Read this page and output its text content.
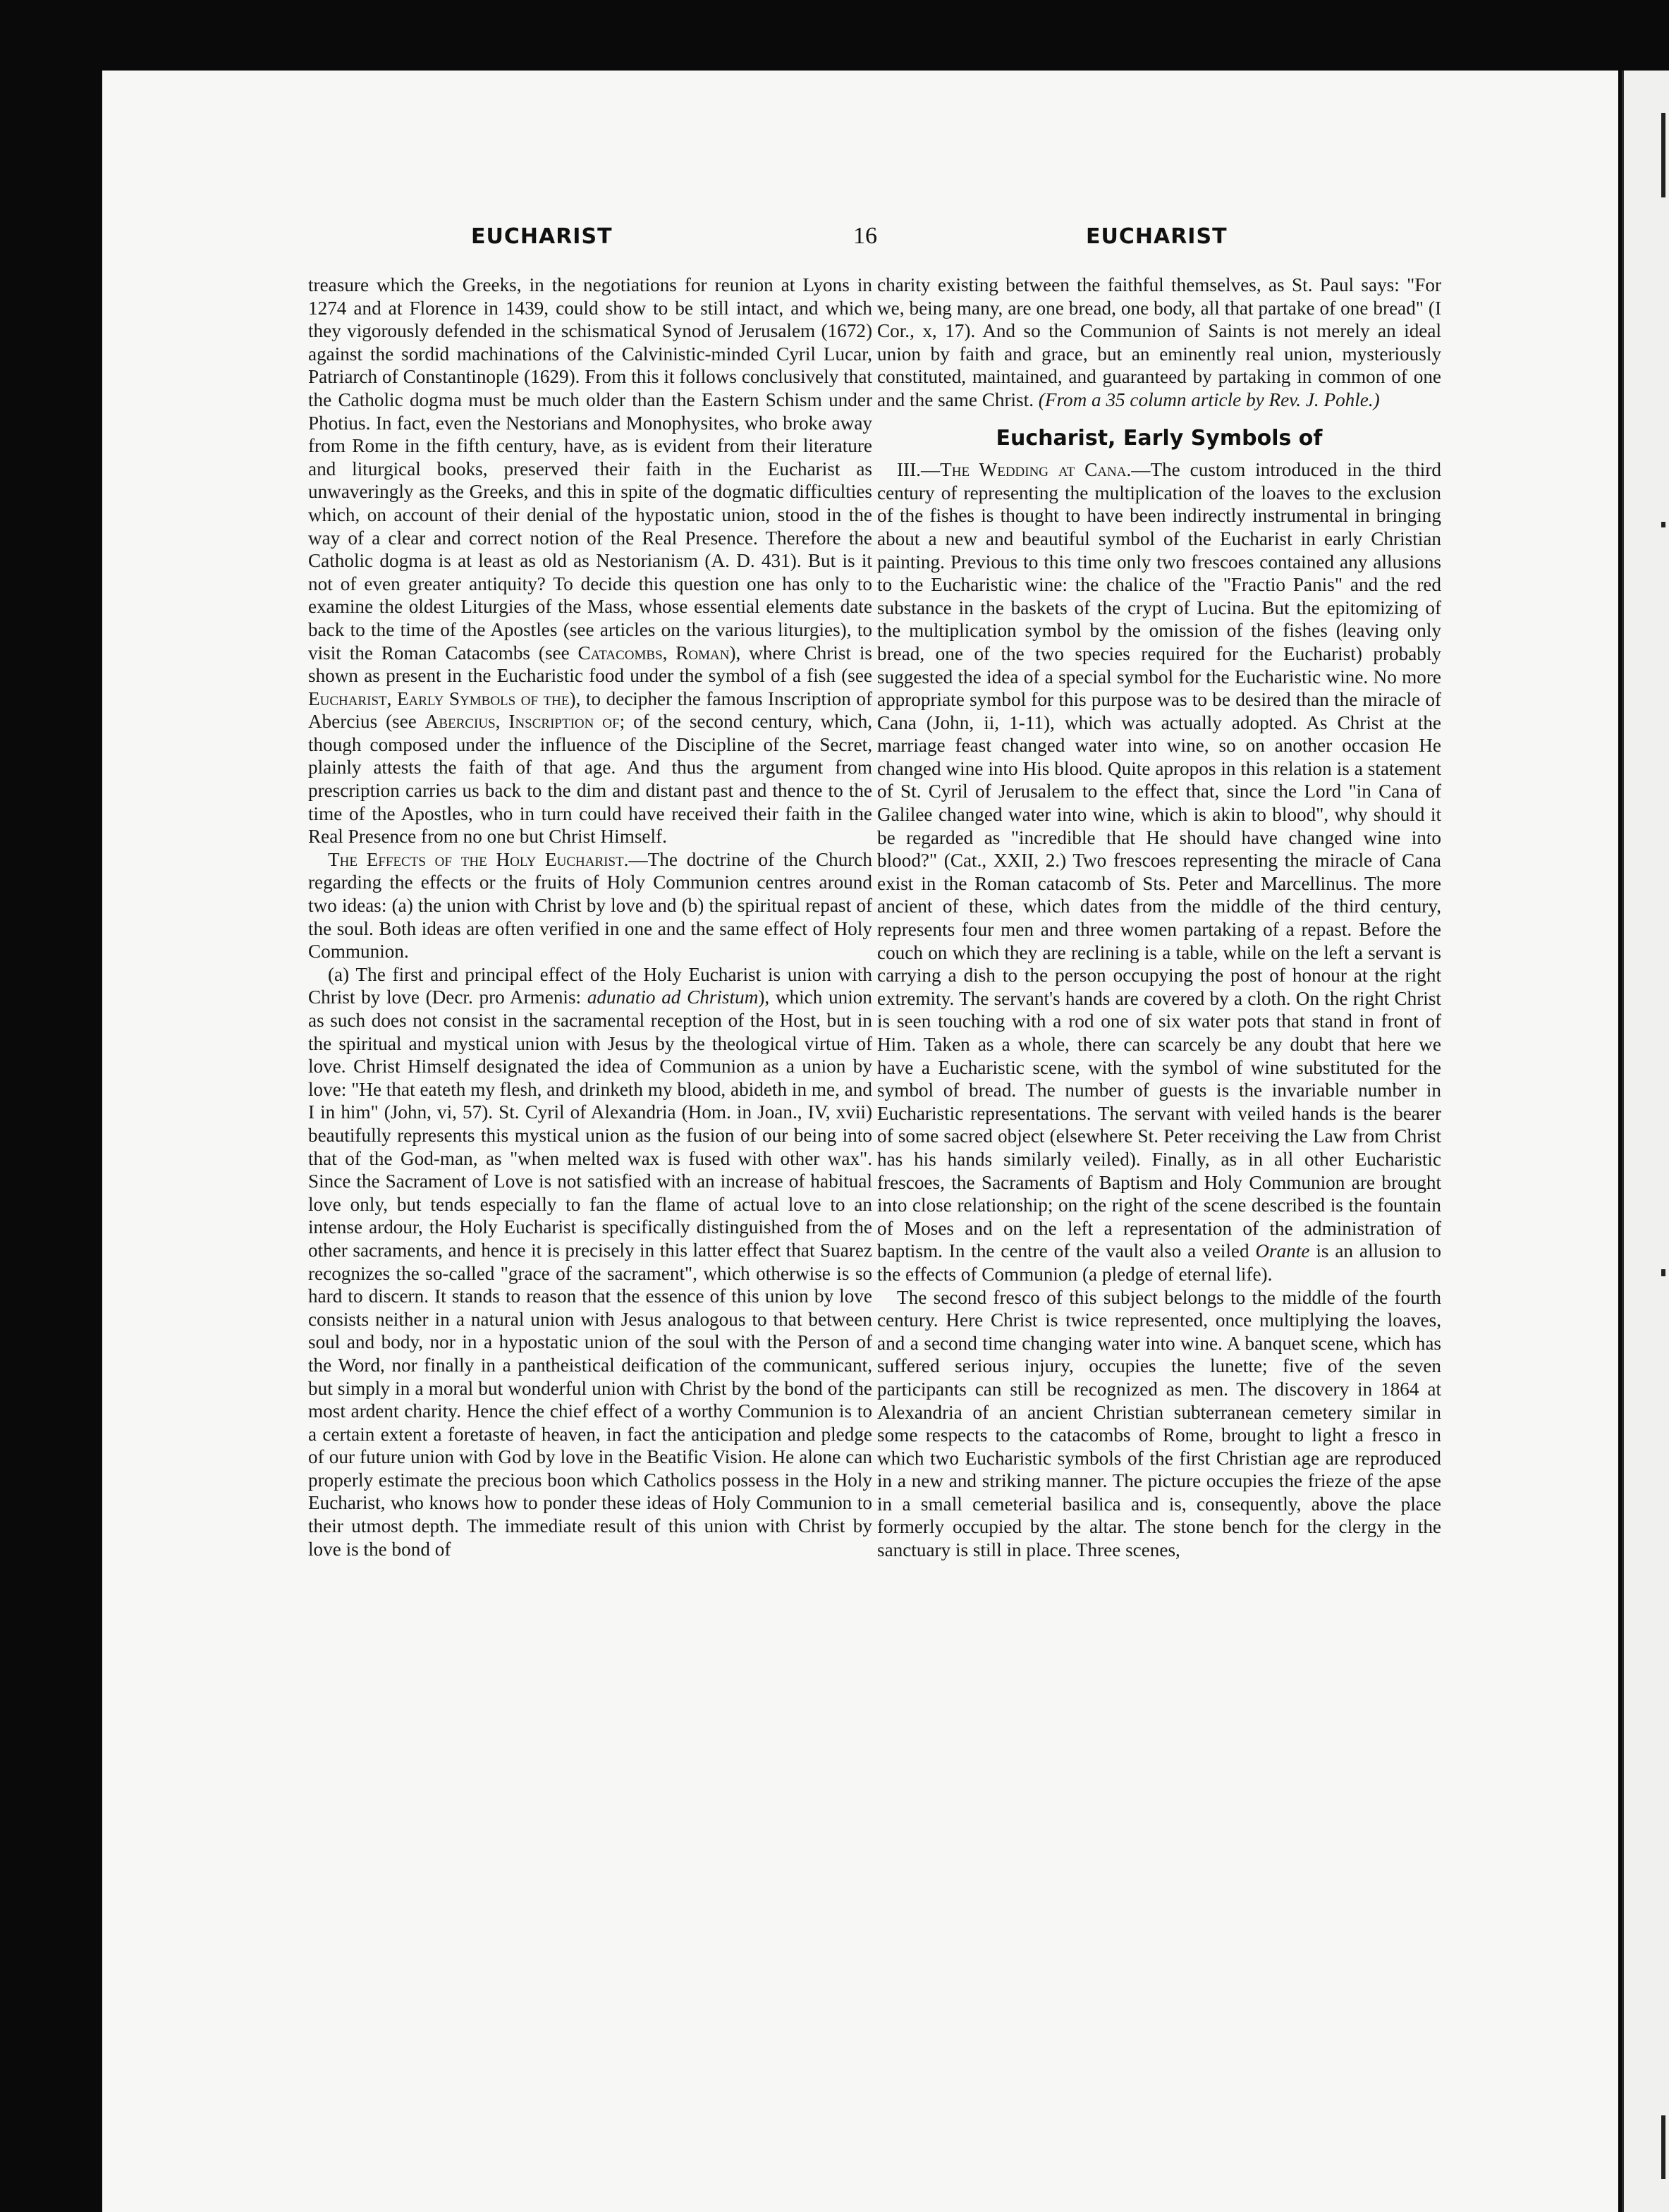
EUCHARIST	16	EUCHARIST

treasure which the Greeks, in the negotiations for reunion at Lyons in 1274 and at Florence in 1439, could show to be still intact, and which they vigorously defended in the schismatical Synod of Jerusalem (1672) against the sordid machinations of the Calvinistic-minded Cyril Lucar, Patriarch of Constantinople (1629). From this it follows conclusively that the Catholic dogma must be much older than the Eastern Schism under Photius. In fact, even the Nestorians and Monophysites, who broke away from Rome in the fifth century, have, as is evident from their literature and liturgical books, preserved their faith in the Eucharist as unwaveringly as the Greeks, and this in spite of the dogmatic difficulties which, on account of their denial of the hypostatic union, stood in the way of a clear and correct notion of the Real Presence. Therefore the Catholic dogma is at least as old as Nestorianism (A. D. 431). But is it not of even greater antiquity? To decide this question one has only to examine the oldest Liturgies of the Mass, whose essential elements date back to the time of the Apostles (see articles on the various liturgies), to visit the Roman Catacombs (see Catacombs, Roman), where Christ is shown as present in the Eucharistic food under the symbol of a fish (see Eucharist, Early Symbols of the), to decipher the famous Inscription of Abercius (see Abercius, Inscription of; of the second century, which, though composed under the influence of the Discipline of the Secret, plainly attests the faith of that age. And thus the argument from prescription carries us back to the dim and distant past and thence to the time of the Apostles, who in turn could have received their faith in the Real Presence from no one but Christ Himself.

The Effects of the Holy Eucharist.—The doctrine of the Church regarding the effects or the fruits of Holy Communion centres around two ideas: (a) the union with Christ by love and (b) the spiritual repast of the soul. Both ideas are often verified in one and the same effect of Holy Communion.

(a) The first and principal effect of the Holy Eucharist is union with Christ by love (Decr. pro Armenis: adunatio ad Christum), which union as such does not consist in the sacramental reception of the Host, but in the spiritual and mystical union with Jesus by the theological virtue of love. Christ Himself designated the idea of Communion as a union by love: "He that eateth my flesh, and drinketh my blood, abideth in me, and I in him" (John, vi, 57). St. Cyril of Alexandria (Hom. in Joan., IV, xvii) beautifully represents this mystical union as the fusion of our being into that of the God-man, as "when melted wax is fused with other wax". Since the Sacrament of Love is not satisfied with an increase of habitual love only, but tends especially to fan the flame of actual love to an intense ardour, the Holy Eucharist is specifically distinguished from the other sacraments, and hence it is precisely in this latter effect that Suarez recognizes the so-called "grace of the sacrament", which otherwise is so hard to discern. It stands to reason that the essence of this union by love consists neither in a natural union with Jesus analogous to that between soul and body, nor in a hypostatic union of the soul with the Person of the Word, nor finally in a pantheistical deification of the communicant, but simply in a moral but wonderful union with Christ by the bond of the most ardent charity. Hence the chief effect of a worthy Communion is to a certain extent a foretaste of heaven, in fact the anticipation and pledge of our future union with God by love in the Beatific Vision. He alone can properly estimate the precious boon which Catholics possess in the Holy Eucharist, who knows how to ponder these ideas of Holy Communion to their utmost depth. The immediate result of this union with Christ by love is the bond of

charity existing between the faithful themselves, as St. Paul says: "For we, being many, are one bread, one body, all that partake of one bread" (I Cor., x, 17). And so the Communion of Saints is not merely an ideal union by faith and grace, but an eminently real union, mysteriously constituted, maintained, and guaranteed by partaking in common of one and the same Christ. (From a 35 column article by Rev. J. Pohle.)

Eucharist, Early Symbols of

III.—The Wedding at Cana.—The custom introduced in the third century of representing the multiplication of the loaves to the exclusion of the fishes is thought to have been indirectly instrumental in bringing about a new and beautiful symbol of the Eucharist in early Christian painting. Previous to this time only two frescoes contained any allusions to the Eucharistic wine: the chalice of the "Fractio Panis" and the red substance in the baskets of the crypt of Lucina. But the epitomizing of the multiplication symbol by the omission of the fishes (leaving only bread, one of the two species required for the Eucharist) probably suggested the idea of a special symbol for the Eucharistic wine. No more appropriate symbol for this purpose was to be desired than the miracle of Cana (John, ii, 1-11), which was actually adopted. As Christ at the marriage feast changed water into wine, so on another occasion He changed wine into His blood. Quite apropos in this relation is a statement of St. Cyril of Jerusalem to the effect that, since the Lord "in Cana of Galilee changed water into wine, which is akin to blood", why should it be regarded as "incredible that He should have changed wine into blood?" (Cat., XXII, 2.) Two frescoes representing the miracle of Cana exist in the Roman catacomb of Sts. Peter and Marcellinus. The more ancient of these, which dates from the middle of the third century, represents four men and three women partaking of a repast. Before the couch on which they are reclining is a table, while on the left a servant is carrying a dish to the person occupying the post of honour at the right extremity. The servant's hands are covered by a cloth. On the right Christ is seen touching with a rod one of six water pots that stand in front of Him. Taken as a whole, there can scarcely be any doubt that here we have a Eucharistic scene, with the symbol of wine substituted for the symbol of bread. The number of guests is the invariable number in Eucharistic representations. The servant with veiled hands is the bearer of some sacred object (elsewhere St. Peter receiving the Law from Christ has his hands similarly veiled). Finally, as in all other Eucharistic frescoes, the Sacraments of Baptism and Holy Communion are brought into close relationship; on the right of the scene described is the fountain of Moses and on the left a representation of the administration of baptism. In the centre of the vault also a veiled Orante is an allusion to the effects of Communion (a pledge of eternal life).

The second fresco of this subject belongs to the middle of the fourth century. Here Christ is twice represented, once multiplying the loaves, and a second time changing water into wine. A banquet scene, which has suffered serious injury, occupies the lunette; five of the seven participants can still be recognized as men. The discovery in 1864 at Alexandria of an ancient Christian subterranean cemetery similar in some respects to the catacombs of Rome, brought to light a fresco in which two Eucharistic symbols of the first Christian age are reproduced in a new and striking manner. The picture occupies the frieze of the apse in a small cemeterial basilica and is, consequently, above the place formerly occupied by the altar. The stone bench for the clergy in the sanctuary is still in place. Three scenes,
